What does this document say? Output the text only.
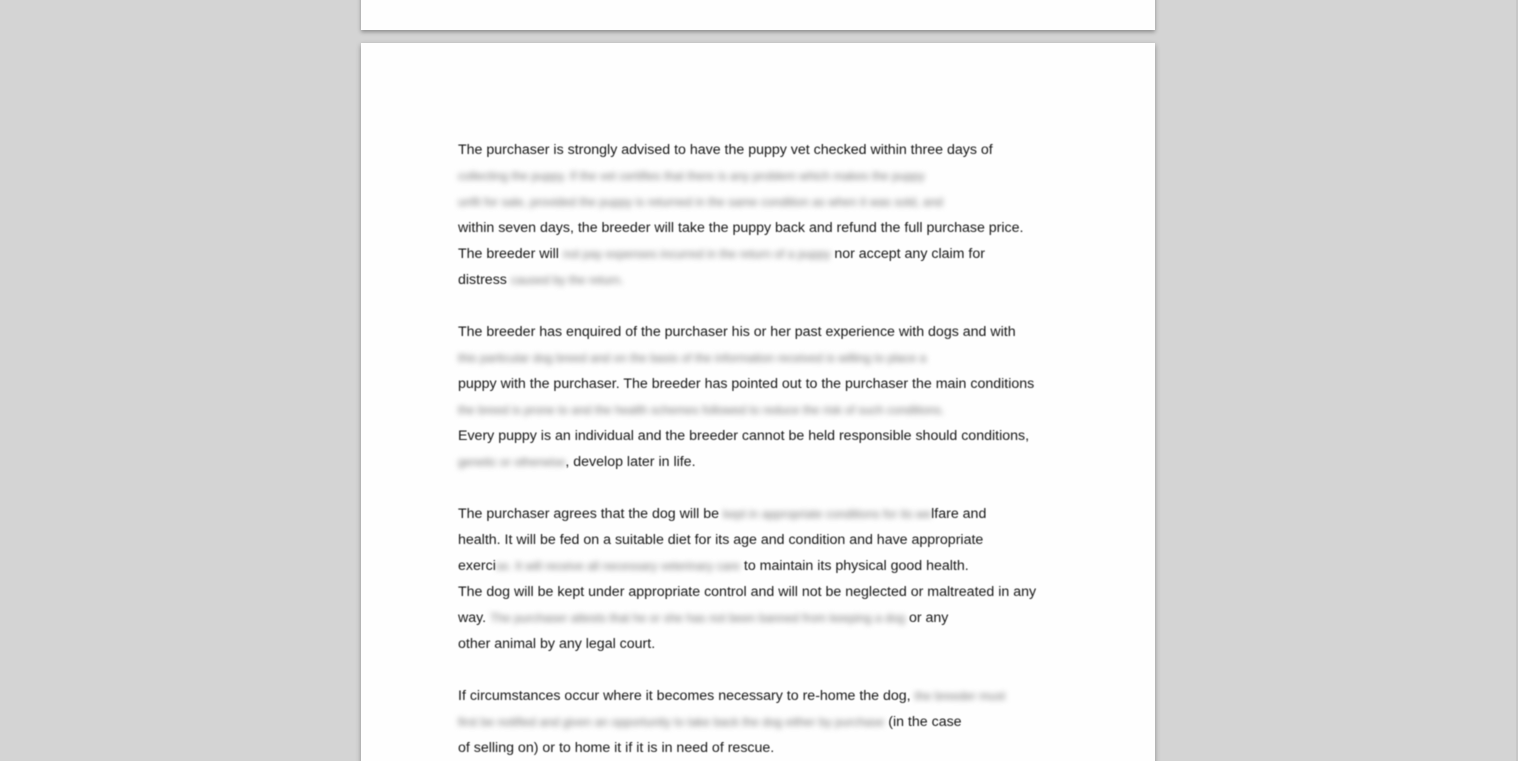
The purchaser is strongly advised to have the puppy vet checked within three days of
collecting the puppy. If the vet certifies that there is any problem which makes the puppy
unfit for sale, provided the puppy is returned in the same condition as when it was sold, and
within seven days, the breeder will take the puppy back and refund the full purchase price.
The breeder will not pay expenses incurred in the return of a puppy nor accept any claim for
distress caused by the return.
The breeder has enquired of the purchaser his or her past experience with dogs and with
this particular dog breed and on the basis of the information received is willing to place a
puppy with the purchaser. The breeder has pointed out to the purchaser the main conditions
the breed is prone to and the health schemes followed to reduce the risk of such conditions.
Every puppy is an individual and the breeder cannot be held responsible should conditions,
genetic or otherwise, develop later in life.
The purchaser agrees that the dog will be kept in appropriate conditions for its welfare and
health. It will be fed on a suitable diet for its age and condition and have appropriate
exercise. It will receive all necessary veterinary care to maintain its physical good health.
The dog will be kept under appropriate control and will not be neglected or maltreated in any
way. The purchaser attests that he or she has not been banned from keeping a dog or any
other animal by any legal court.
If circumstances occur where it becomes necessary to re-home the dog, the breeder must
first be notified and given an opportunity to take back the dog either by purchase (in the case
of selling on) or to home it if it is in need of rescue.
